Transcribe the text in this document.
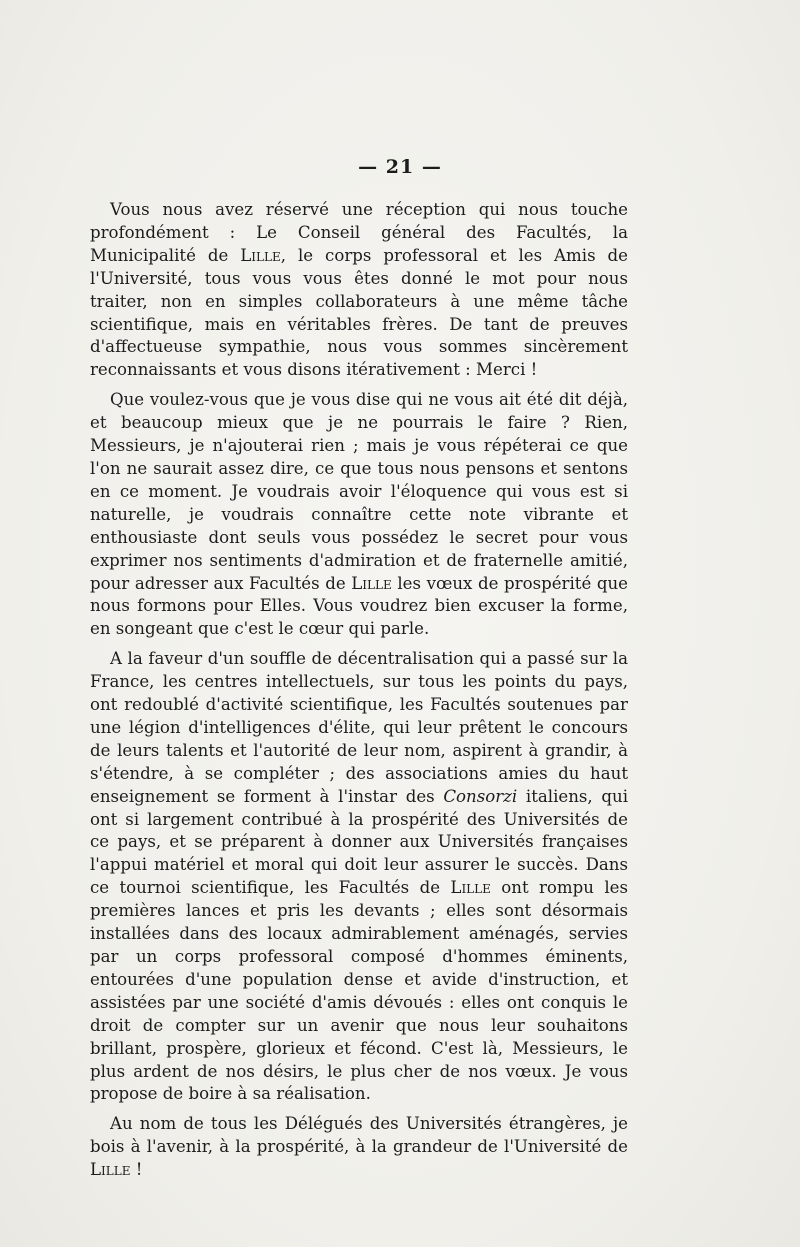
— 21 —

Vous nous avez réservé une réception qui nous touche profondément : Le Conseil général des Facultés, la Municipalité de Lille, le corps professoral et les Amis de l'Université, tous vous vous êtes donné le mot pour nous traiter, non en simples collaborateurs à une même tâche scientifique, mais en véritables frères. De tant de preuves d'affectueuse sympathie, nous vous sommes sincèrement reconnaissants et vous disons itérativement : Merci !

Que voulez-vous que je vous dise qui ne vous ait été dit déjà, et beaucoup mieux que je ne pourrais le faire ? Rien, Messieurs, je n'ajouterai rien ; mais je vous répéterai ce que l'on ne saurait assez dire, ce que tous nous pensons et sentons en ce moment. Je voudrais avoir l'éloquence qui vous est si naturelle, je voudrais connaître cette note vibrante et enthousiaste dont seuls vous possédez le secret pour vous exprimer nos sentiments d'admiration et de fraternelle amitié, pour adresser aux Facultés de Lille les vœux de prospérité que nous formons pour Elles. Vous voudrez bien excuser la forme, en songeant que c'est le cœur qui parle.

A la faveur d'un souffle de décentralisation qui a passé sur la France, les centres intellectuels, sur tous les points du pays, ont redoublé d'activité scientifique, les Facultés soutenues par une légion d'intelligences d'élite, qui leur prêtent le concours de leurs talents et l'autorité de leur nom, aspirent à grandir, à s'étendre, à se compléter ; des associations amies du haut enseignement se forment à l'instar des Consorzi italiens, qui ont si largement contribué à la prospérité des Universités de ce pays, et se préparent à donner aux Universités françaises l'appui matériel et moral qui doit leur assurer le succès. Dans ce tournoi scientifique, les Facultés de Lille ont rompu les premières lances et pris les devants ; elles sont désormais installées dans des locaux admirablement aménagés, servies par un corps professoral composé d'hommes éminents, entourées d'une population dense et avide d'instruction, et assistées par une société d'amis dévoués : elles ont conquis le droit de compter sur un avenir que nous leur souhaitons brillant, prospère, glorieux et fécond. C'est là, Messieurs, le plus ardent de nos désirs, le plus cher de nos vœux. Je vous propose de boire à sa réalisation.

Au nom de tous les Délégués des Universités étrangères, je bois à l'avenir, à la prospérité, à la grandeur de l'Université de Lille !
